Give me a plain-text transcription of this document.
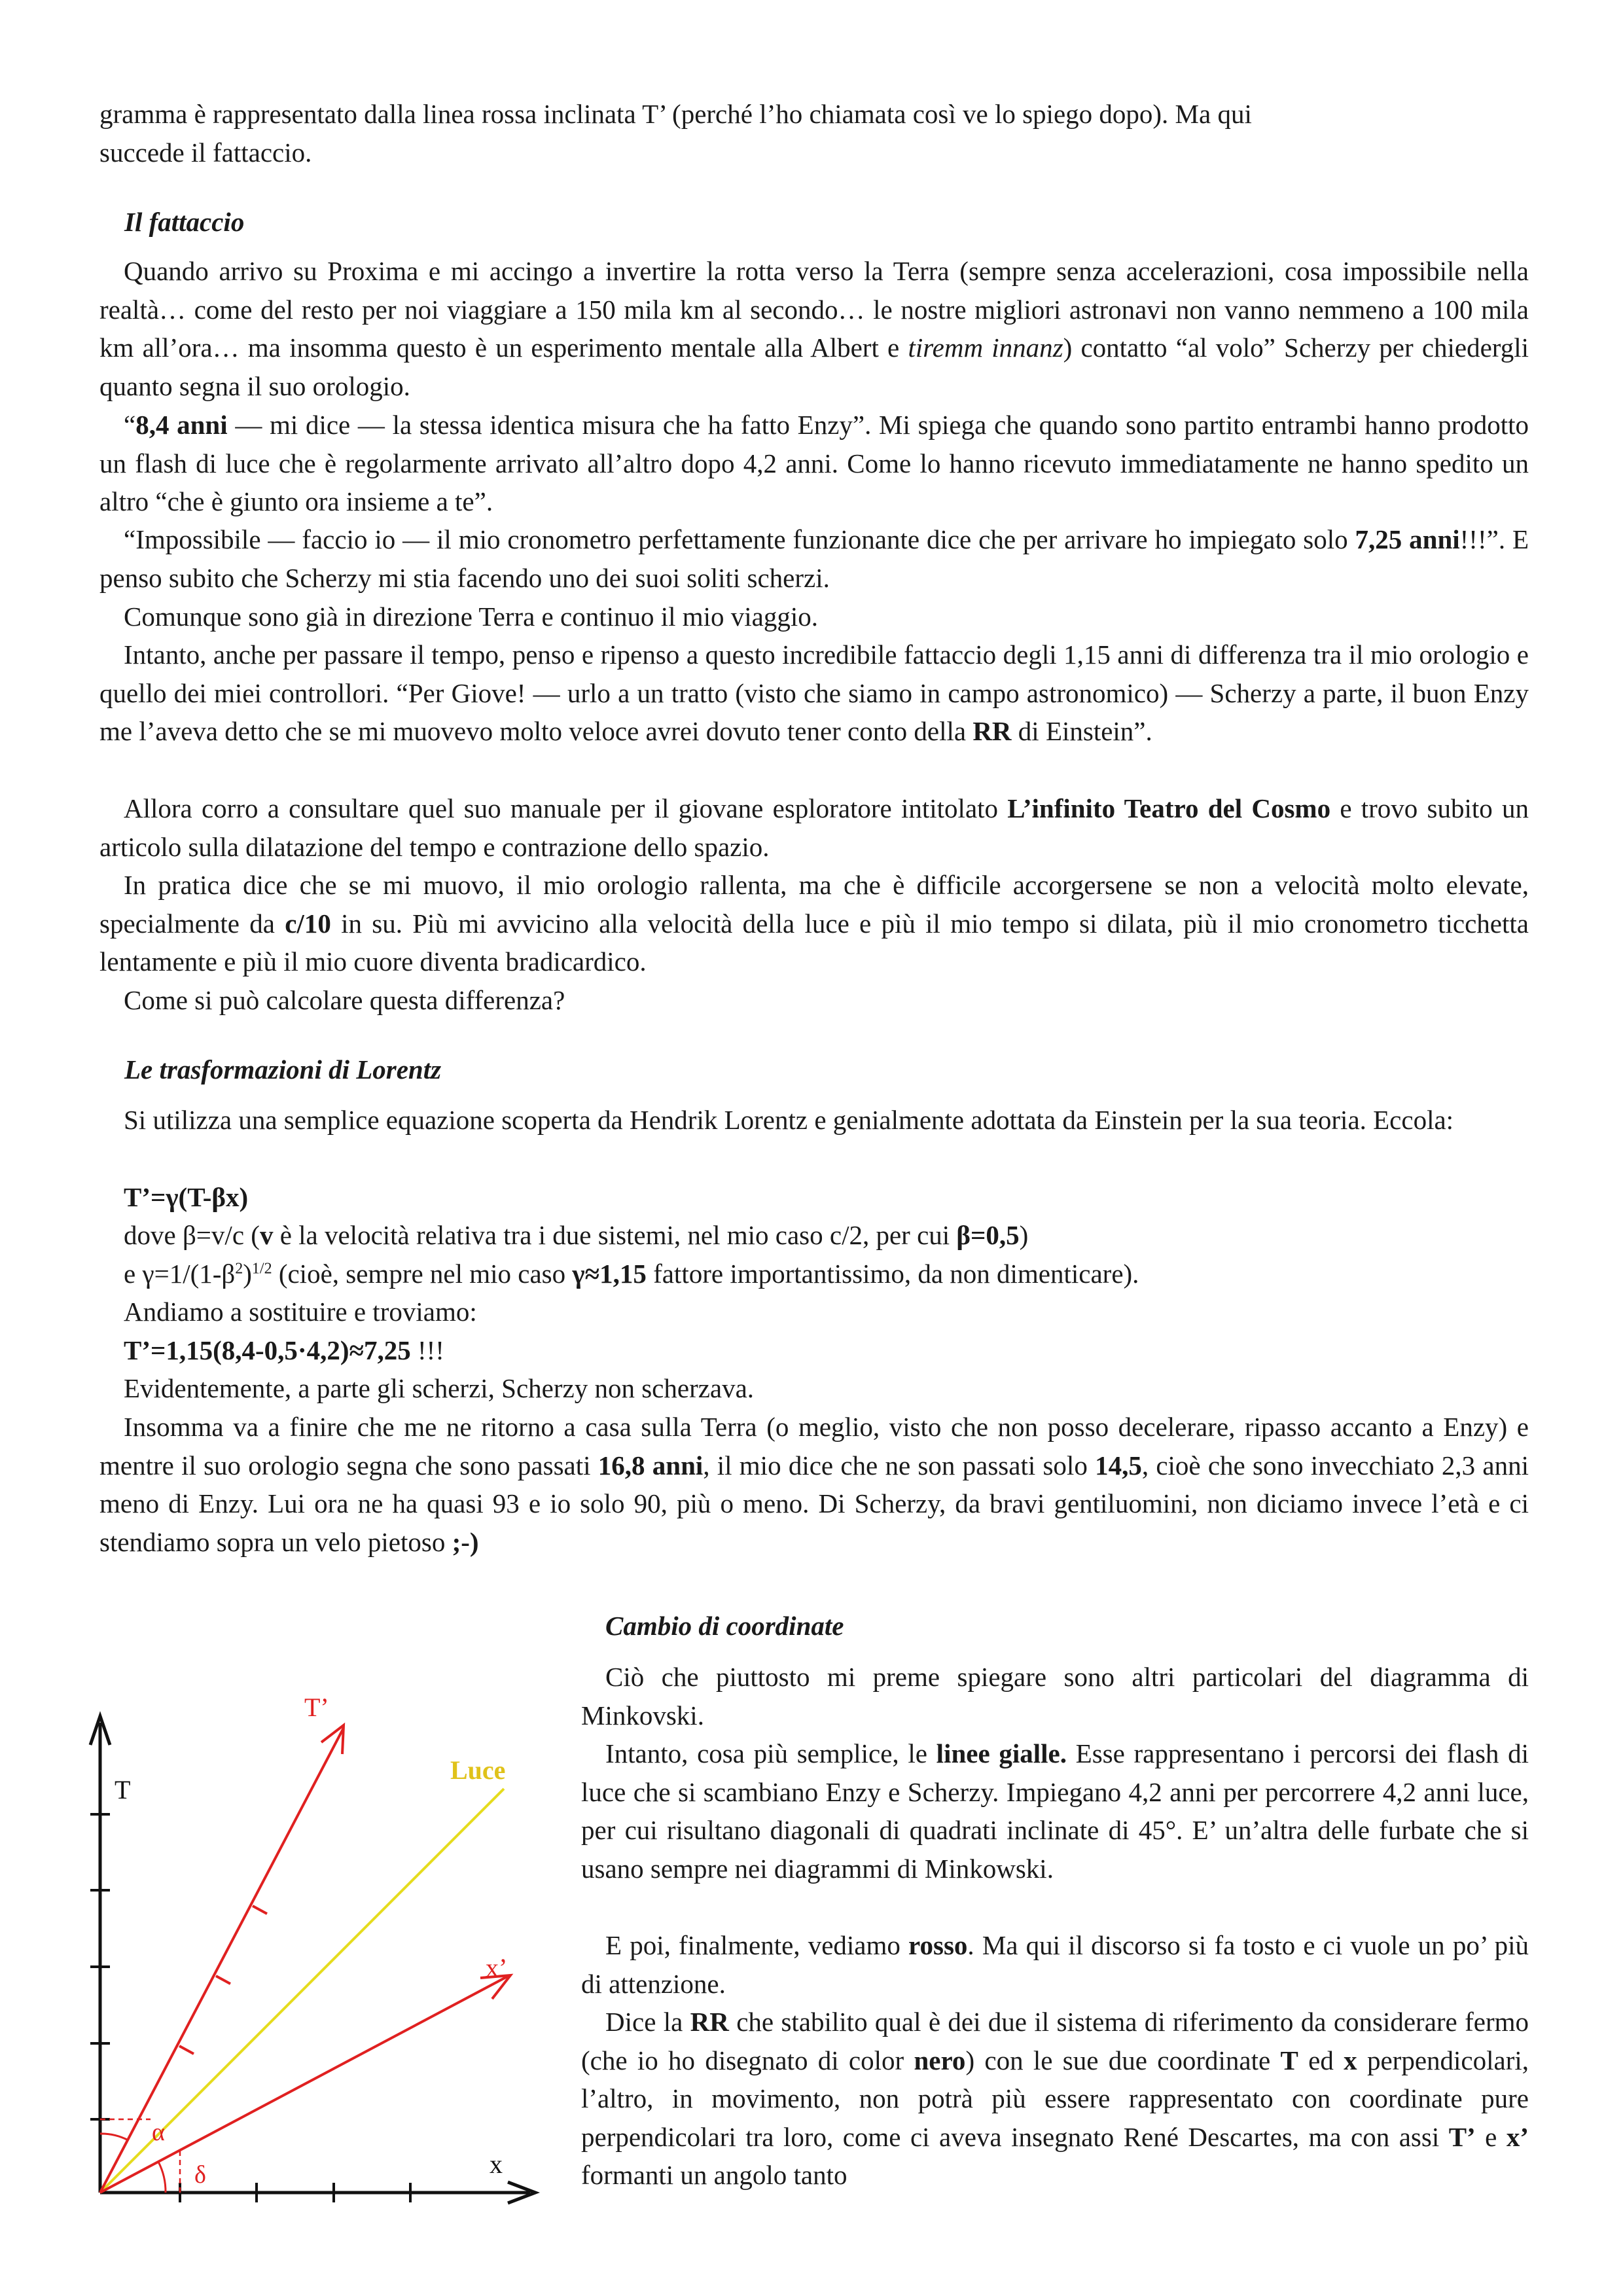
gramma è rappresentato dalla linea rossa inclinata T’ (perché l’ho chiamata così ve lo spiego dopo). Ma qui

succede il fattaccio.

Il fattaccio

Quando arrivo su Proxima e mi accingo a invertire la rotta verso la Terra (sempre senza accelerazioni, cosa impossibile nella realtà… come del resto per noi viaggiare a 150 mila km al secondo… le nostre migliori astronavi non vanno nemmeno a 100 mila km all’ora… ma insomma questo è un esperimento mentale alla Albert e tiremm innanz) contatto “al volo” Scherzy per chiedergli quanto segna il suo orologio.

“8,4 anni — mi dice — la stessa identica misura che ha fatto Enzy”. Mi spiega che quando sono partito entrambi hanno prodotto un flash di luce che è regolarmente arrivato all’altro dopo 4,2 anni. Come lo hanno ricevuto immediatamente ne hanno spedito un altro “che è giunto ora insieme a te”.

“Impossibile — faccio io — il mio cronometro perfettamente funzionante dice che per arrivare ho impiegato solo 7,25 anni!!!”. E penso subito che Scherzy mi stia facendo uno dei suoi soliti scherzi.

Comunque sono già in direzione Terra e continuo il mio viaggio.

Intanto, anche per passare il tempo, penso e ripenso a questo incredibile fattaccio degli 1,15 anni di differenza tra il mio orologio e quello dei miei controllori. “Per Giove! — urlo a un tratto (visto che siamo in campo astronomico) — Scherzy a parte, il buon Enzy me l’aveva detto che se mi muovevo molto veloce avrei dovuto tener conto della RR di Einstein”.

Allora corro a consultare quel suo manuale per il giovane esploratore intitolato L’infinito Teatro del Cosmo e trovo subito un articolo sulla dilatazione del tempo e contrazione dello spazio.

In pratica dice che se mi muovo, il mio orologio rallenta, ma che è difficile accorgersene se non a velocità molto elevate, specialmente da c/10 in su. Più mi avvicino alla velocità della luce e più il mio tempo si dilata, più il mio cronometro ticchetta lentamente e più il mio cuore diventa bradicardico.

Come si può calcolare questa differenza?

Le trasformazioni di Lorentz

Si utilizza una semplice equazione scoperta da Hendrik Lorentz e genialmente adottata da Einstein per la sua teoria. Eccola:

T’=γ(T-βx)

dove β=v/c (v è la velocità relativa tra i due sistemi, nel mio caso c/2, per cui β=0,5)

e $\gamma=1/(1-\beta^2)^{1/2}$ (cioè, sempre nel mio caso γ≈1,15 fattore importantissimo, da non dimenticare).

Andiamo a sostituire e troviamo:

T’=1,15(8,4-0,5·4,2)≈7,25 !!!

Evidentemente, a parte gli scherzi, Scherzy non scherzava.

Insomma va a finire che me ne ritorno a casa sulla Terra (o meglio, visto che non posso decelerare, ripasso accanto a Enzy) e mentre il suo orologio segna che sono passati 16,8 anni, il mio dice che ne son passati solo 14,5, cioè che sono invecchiato 2,3 anni meno di Enzy. Lui ora ne ha quasi 93 e io solo 90, più o meno. Di Scherzy, da bravi gentiluomini, non diciamo invece l’età e ci stendiamo sopra un velo pietoso ;-)

Cambio di coordinate

Ciò che piuttosto mi preme spiegare sono altri particolari del diagramma di Minkovski.

Intanto, cosa più semplice, le linee gialle. Esse rappresentano i percorsi dei flash di luce che si scambiano Enzy e Scherzy. Impiegano 4,2 anni per percorrere 4,2 anni luce, per cui risultano diagonali di quadrati inclinate di 45°. E’ un’altra delle furbate che si usano sempre nei diagrammi di Minkowski.

E poi, finalmente, vediamo rosso. Ma qui il discorso si fa tosto e ci vuole un po’ più di attenzione.

Dice la RR che stabilito qual è dei due il sistema di riferimento da considerare fermo (che io ho disegnato di color nero) con le sue due coordinate T ed x perpendicolari, l’altro, in movimento, non potrà più essere rappresentato con coordinate pure perpendicolari tra loro, come ci aveva insegnato René Descartes, ma con assi T’ e x’ formanti un angolo tanto

T
x
T’
x’
Luce
α
δ
